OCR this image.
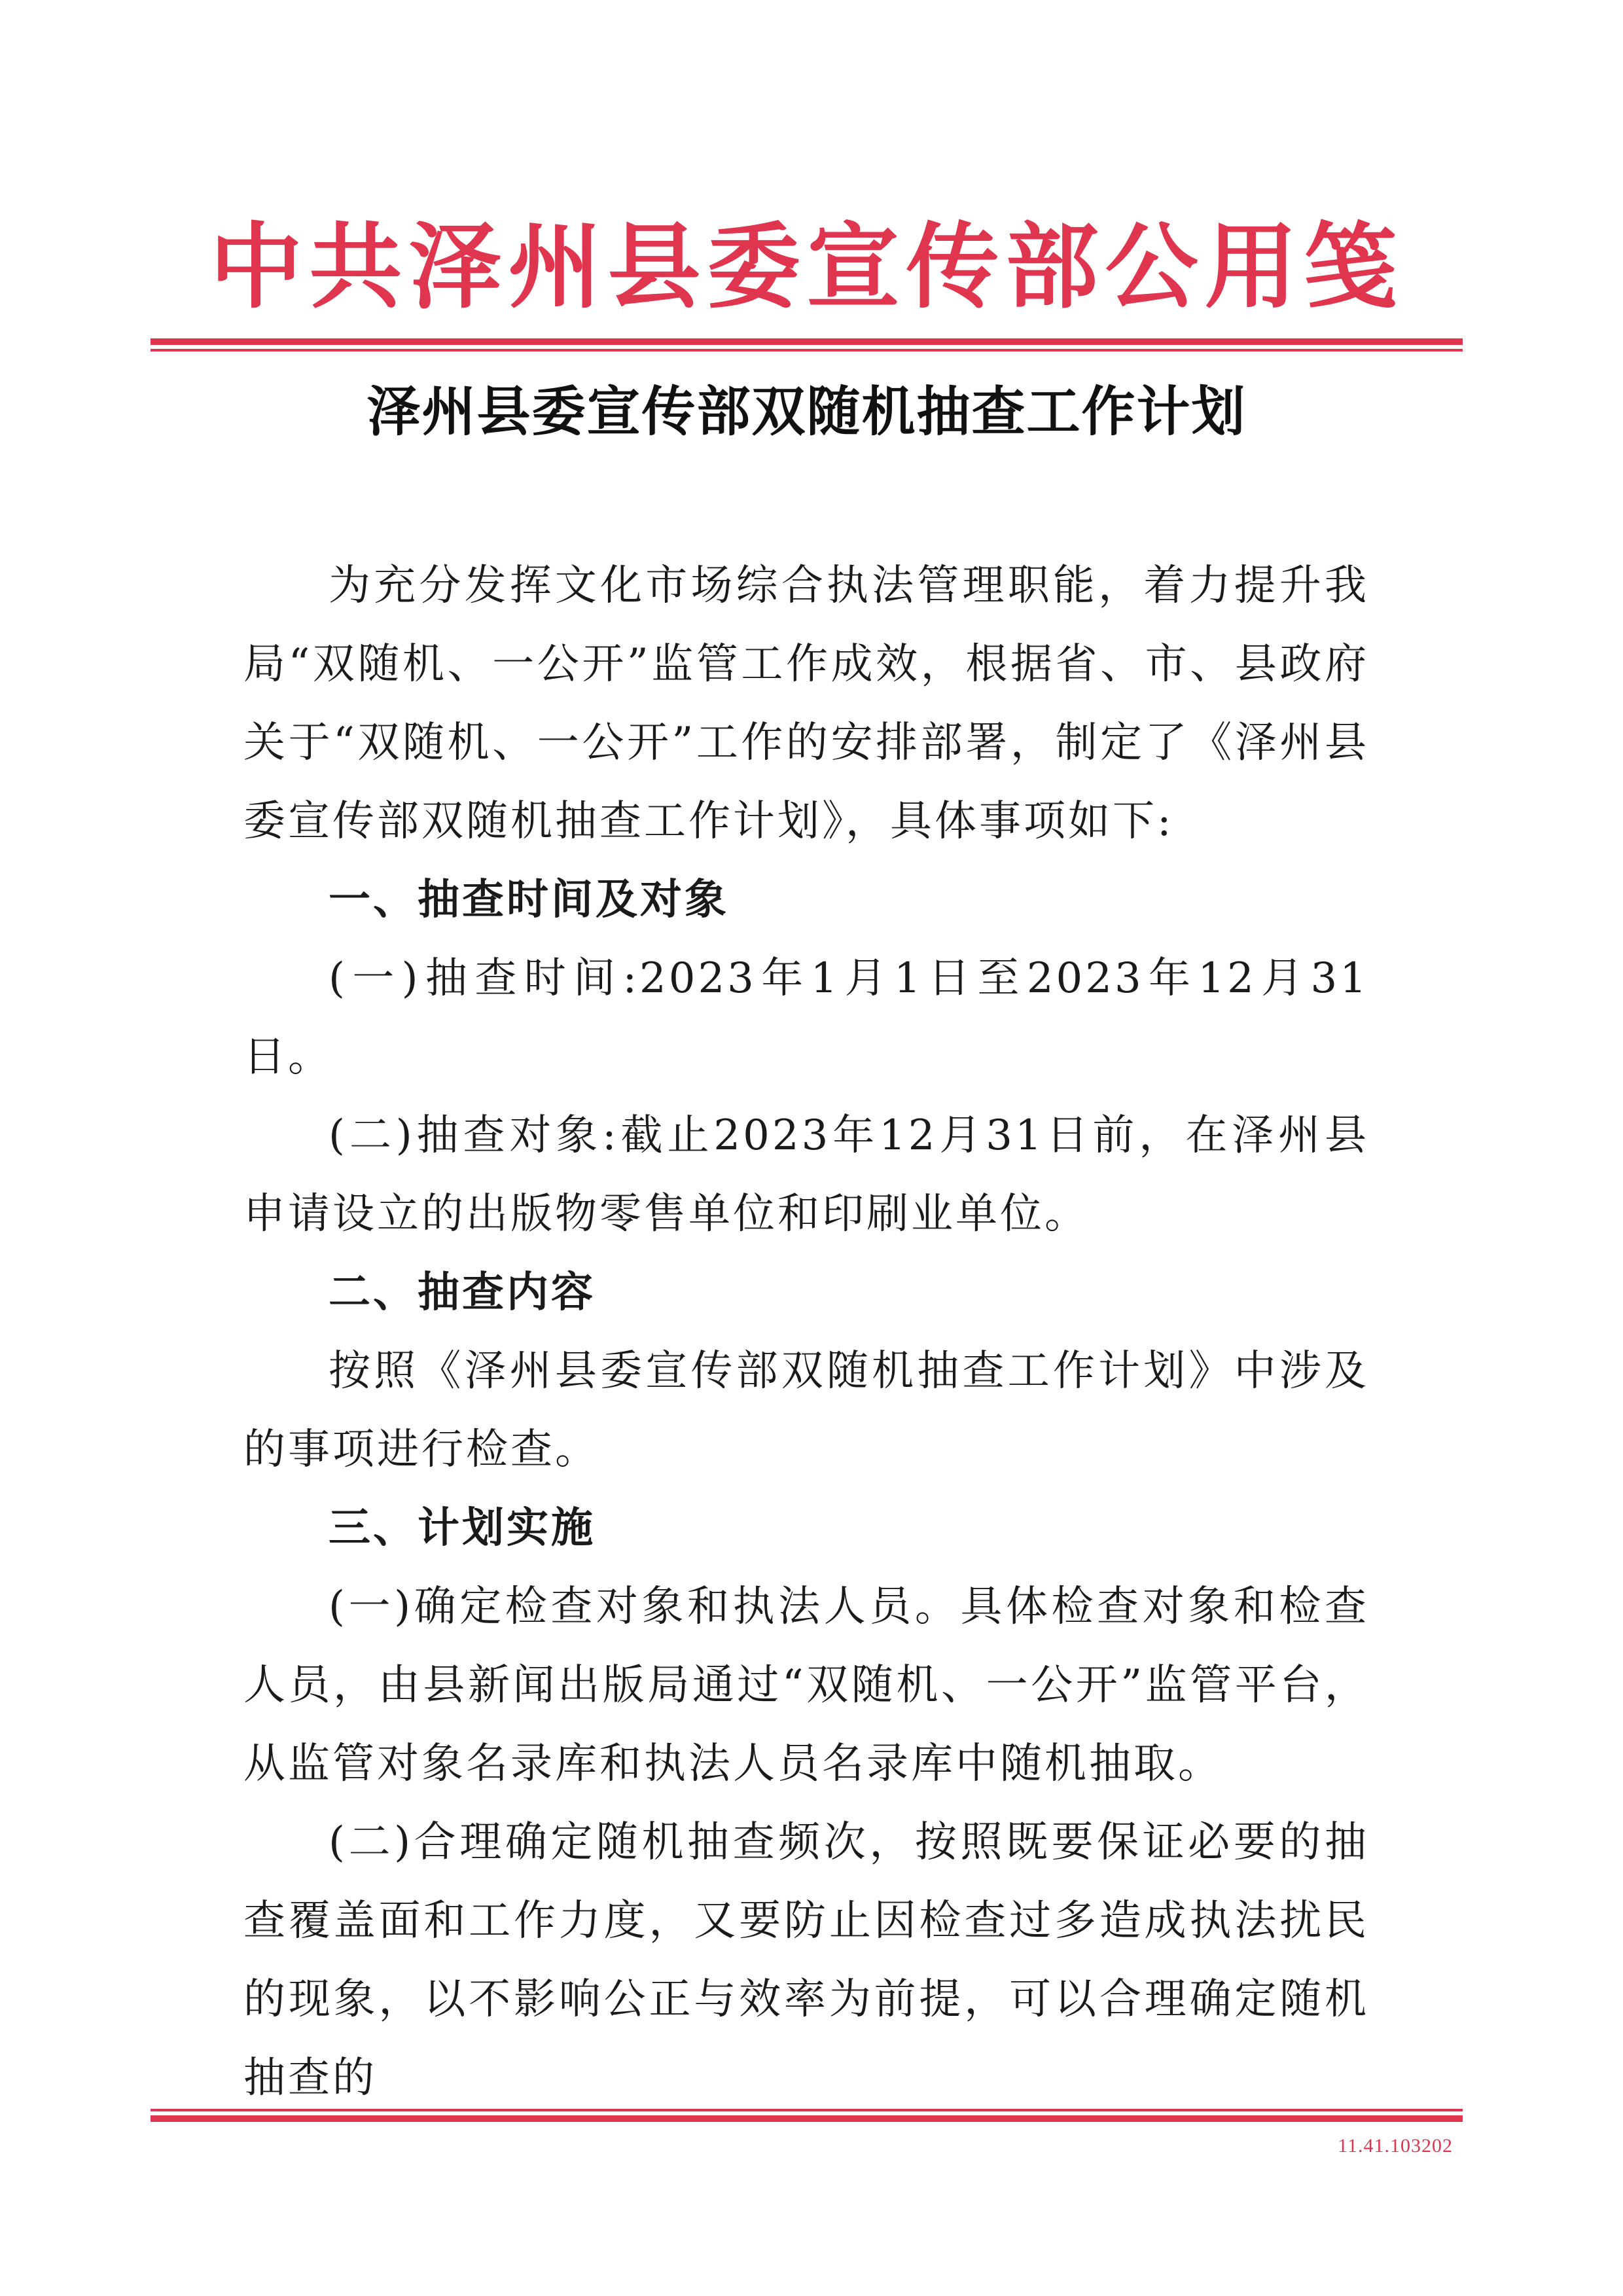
中共泽州县委宣传部公用笺
泽州县委宣传部双随机抽查工作计划

为充分发挥文化市场综合执法管理职能，着力提升我局“双随机、一公开”监管工作成效，根据省、市、县政府关于“双随机、一公开”工作的安排部署，制定了《泽州县委宣传部双随机抽查工作计划》，具体事项如下:

一、抽查时间及对象

(一)抽查时间:2023年1月1日至2023年12月31日。

(二)抽查对象:截止2023年12月31日前，在泽州县申请设立的出版物零售单位和印刷业单位。

二、抽查内容

按照《泽州县委宣传部双随机抽查工作计划》中涉及的事项进行检查。

三、计划实施

(一)确定检查对象和执法人员。具体检查对象和检查人员，由县新闻出版局通过“双随机、一公开”监管平台，从监管对象名录库和执法人员名录库中随机抽取。

(二)合理确定随机抽查频次，按照既要保证必要的抽查覆盖面和工作力度，又要防止因检查过多造成执法扰民的现象，以不影响公正与效率为前提，可以合理确定随机抽查的

11.41.103202
